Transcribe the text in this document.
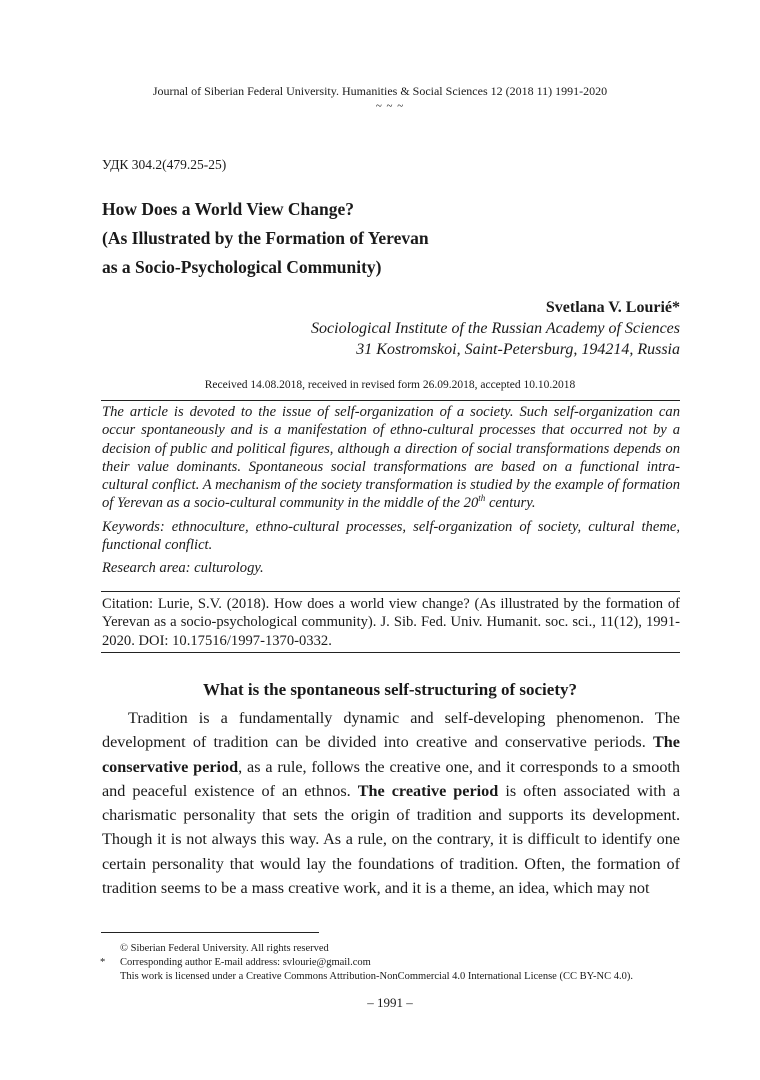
Journal of Siberian Federal University. Humanities & Social Sciences 12 (2018 11) 1991-2020
~ ~ ~
УДК 304.2(479.25-25)
How Does a World View Change?
(As Illustrated by the Formation of Yerevan
as a Socio-Psychological Community)
Svetlana V. Lourié*
Sociological Institute of the Russian Academy of Sciences
31 Kostromskoi, Saint-Petersburg, 194214, Russia
Received 14.08.2018, received in revised form 26.09.2018, accepted 10.10.2018

The article is devoted to the issue of self-organization of a society. Such self-organization can occur spontaneously and is a manifestation of ethno-cultural processes that occurred not by a decision of public and political figures, although a direction of social transformations depends on their value dominants. Spontaneous social transformations are based on a functional intra-cultural conflict. A mechanism of the society transformation is studied by the example of formation of Yerevan as a socio-cultural community in the middle of the 20th century.

Keywords: ethnoculture, ethno-cultural processes, self-organization of society, cultural theme, functional conflict.

Research area: culturology.

Citation: Lurie, S.V. (2018). How does a world view change? (As illustrated by the formation of Yerevan as a socio-psychological community). J. Sib. Fed. Univ. Humanit. soc. sci., 11(12), 1991-2020. DOI: 10.17516/1997-1370-0332.
What is the spontaneous self-structuring of society?

Tradition is a fundamentally dynamic and self-developing phenomenon. The development of tradition can be divided into creative and conservative periods. The conservative period, as a rule, follows the creative one, and it corresponds to a smooth and peaceful existence of an ethnos. The creative period is often associated with a charismatic personality that sets the origin of tradition and supports its development. Though it is not always this way. As a rule, on the contrary, it is difficult to identify one certain personality that would lay the foundations of tradition. Often, the formation of tradition seems to be a mass creative work, and it is a theme, an idea, which may not

© Siberian Federal University. All rights reserved
* Corresponding author E-mail address: svlourie@gmail.com
This work is licensed under a Creative Commons Attribution-NonCommercial 4.0 International License (CC BY-NC 4.0).
– 1991 –
